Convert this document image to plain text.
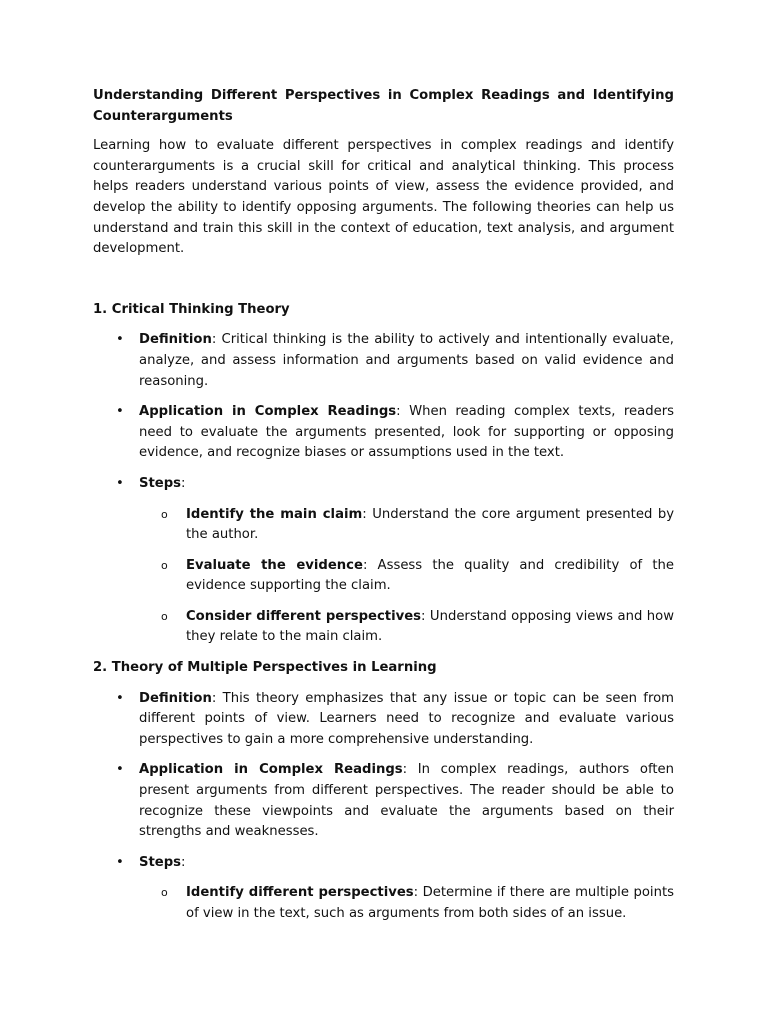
Understanding Different Perspectives in Complex Readings and Identifying Counterarguments
Learning how to evaluate different perspectives in complex readings and identify counterarguments is a crucial skill for critical and analytical thinking. This process helps readers understand various points of view, assess the evidence provided, and develop the ability to identify opposing arguments. The following theories can help us understand and train this skill in the context of education, text analysis, and argument development.
1. Critical Thinking Theory
• Definition: Critical thinking is the ability to actively and intentionally evaluate, analyze, and assess information and arguments based on valid evidence and reasoning.
• Application in Complex Readings: When reading complex texts, readers need to evaluate the arguments presented, look for supporting or opposing evidence, and recognize biases or assumptions used in the text.
• Steps:
o Identify the main claim: Understand the core argument presented by the author.
o Evaluate the evidence: Assess the quality and credibility of the evidence supporting the claim.
o Consider different perspectives: Understand opposing views and how they relate to the main claim.
2. Theory of Multiple Perspectives in Learning
• Definition: This theory emphasizes that any issue or topic can be seen from different points of view. Learners need to recognize and evaluate various perspectives to gain a more comprehensive understanding.
• Application in Complex Readings: In complex readings, authors often present arguments from different perspectives. The reader should be able to recognize these viewpoints and evaluate the arguments based on their strengths and weaknesses.
• Steps:
o Identify different perspectives: Determine if there are multiple points of view in the text, such as arguments from both sides of an issue.
